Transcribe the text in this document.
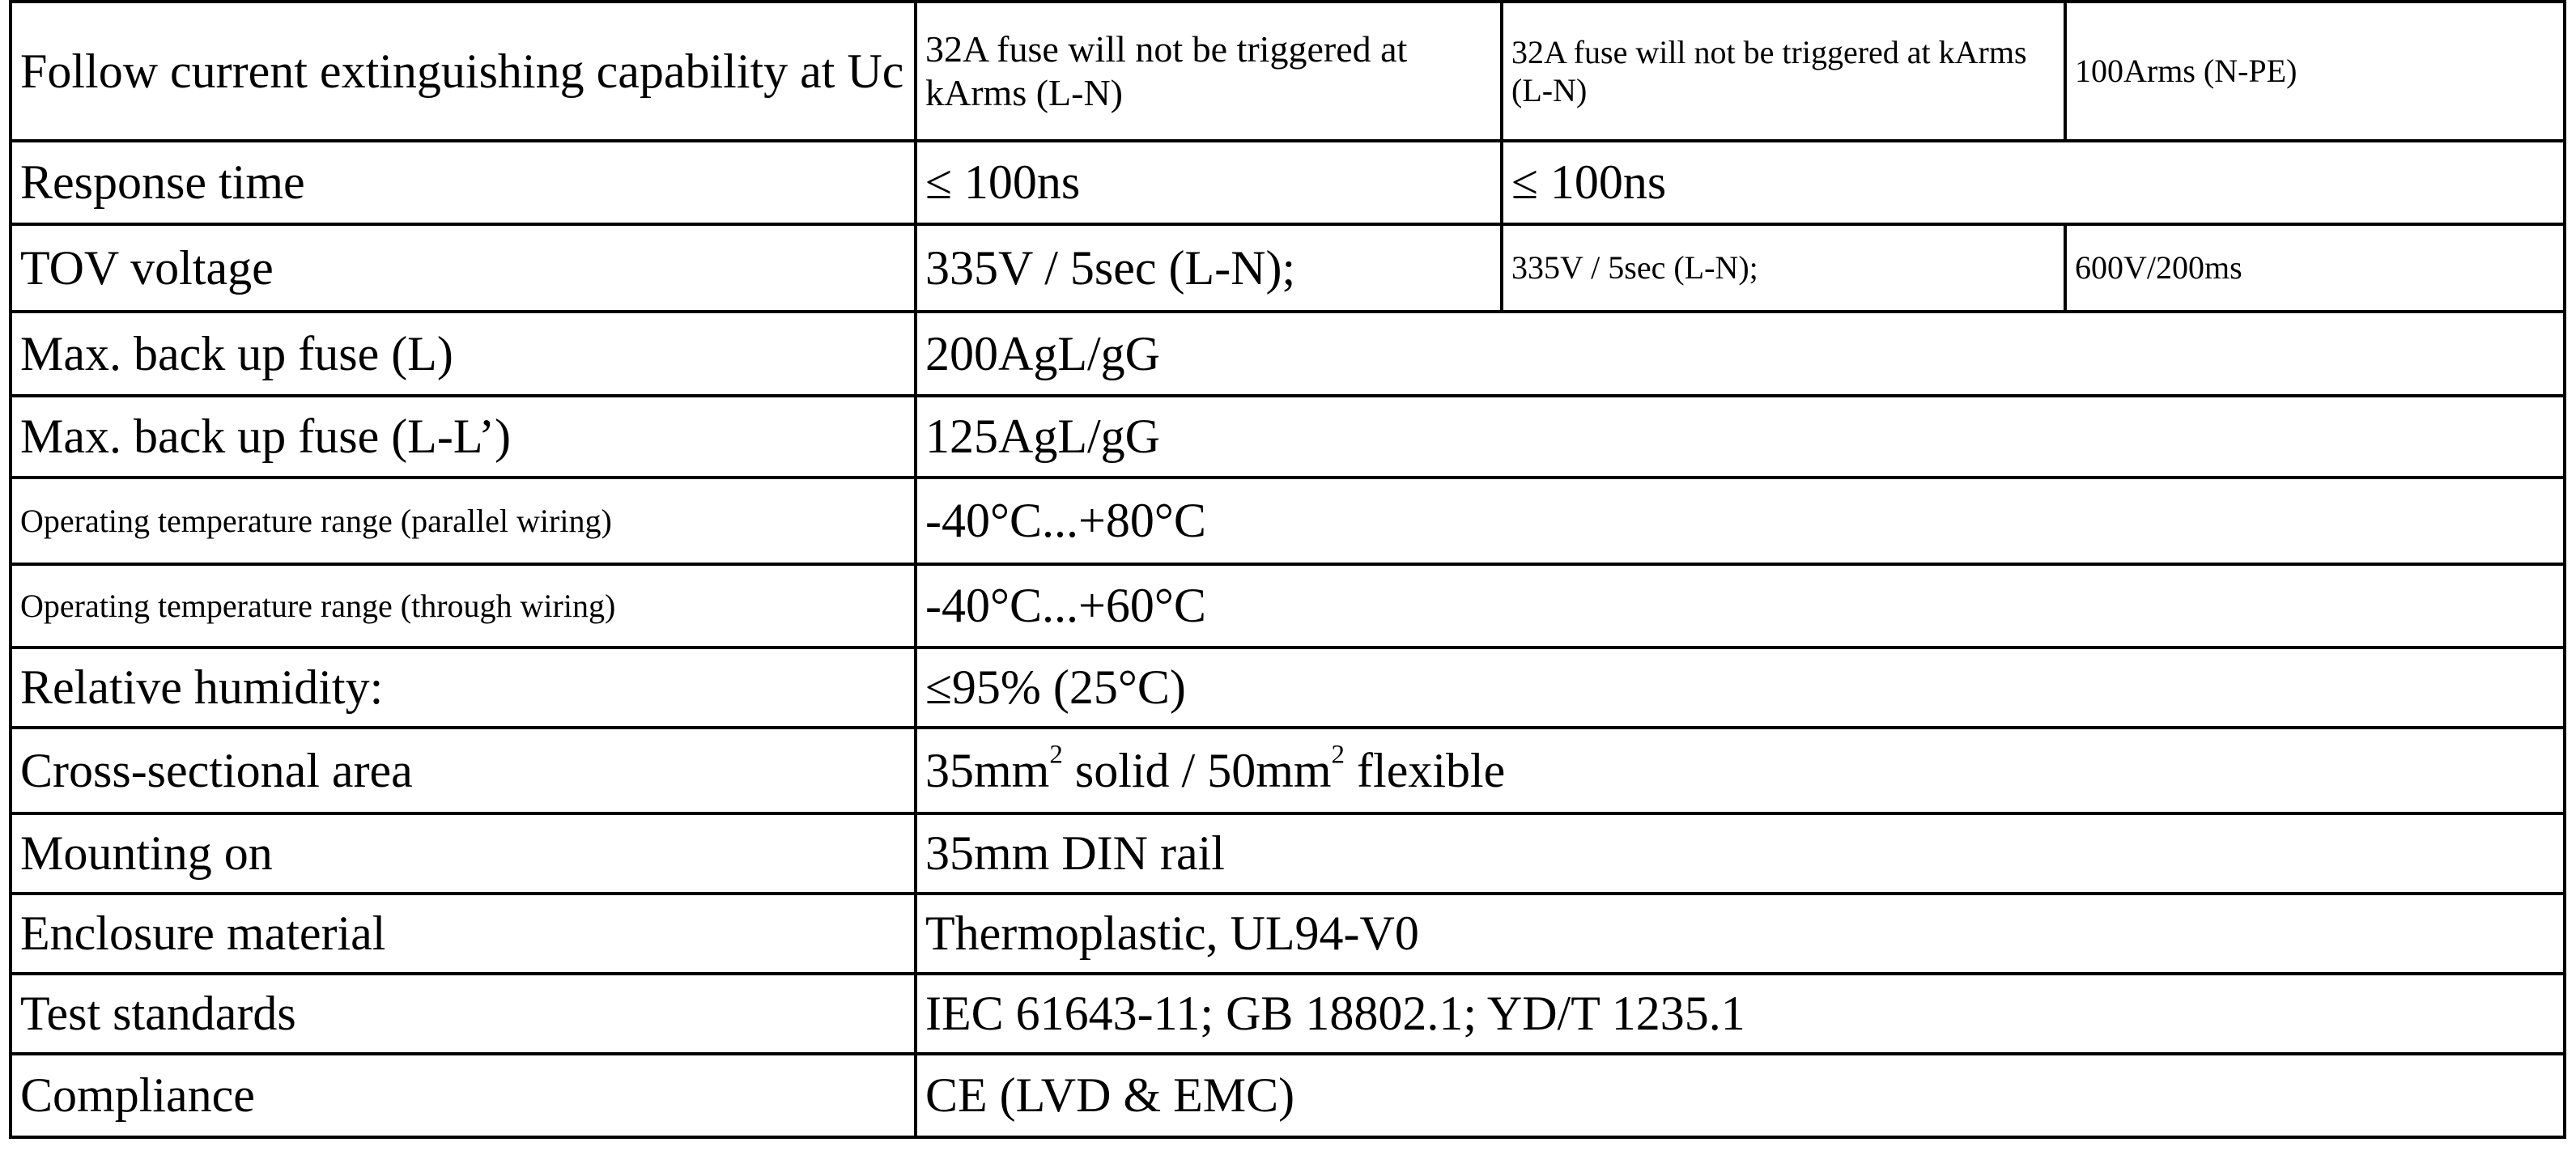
Follow current extinguishing capability at Uc	32A fuse will not be triggered at kArms (L-N)	32A fuse will not be triggered at kArms (L-N)	100Arms (N-PE)
Response time	≤ 100ns	≤ 100ns	
TOV voltage	335V / 5sec (L-N);	335V / 5sec (L-N);	600V/200ms
Max. back up fuse (L)	200AgL/gG		
Max. back up fuse (L-L’)	125AgL/gG		
Operating temperature range (parallel wiring)	-40°C...+80°C		
Operating temperature range (through wiring)	-40°C...+60°C		
Relative humidity:	≤95% (25°C)		
Cross-sectional area	$35mm^2$ solid / $50mm^2$ flexible		
Mounting on	35mm DIN rail		
Enclosure material	Thermoplastic, UL94-V0		
Test standards	IEC 61643-11; GB 18802.1; YD/T 1235.1		
Compliance	CE (LVD & EMC)		
